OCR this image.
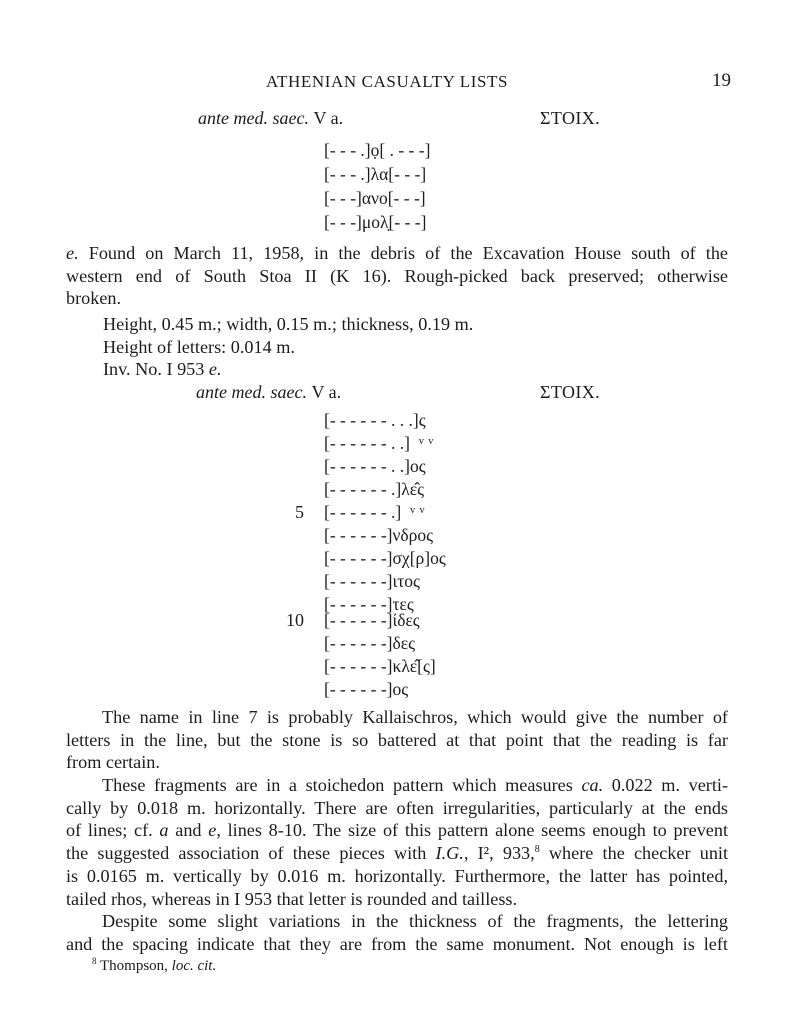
ATHENIAN CASUALTY LISTS	19
ante med. saec. V a.	ΣΤΟΙΧ.
[- - - .]ọ[ . - - -]
[- - - .]λα[- - -]
[- - -]ανο[- - -]
[- - -]μολ̣[- - -]
e. Found on March 11, 1958, in the debris of the Excavation House south of the
western end of South Stoa II (K 16). Rough-picked back preserved; otherwise
broken.
Height, 0.45 m.; width, 0.15 m.; thickness, 0.19 m.
Height of letters: 0.014 m.
Inv. No. I 953 e.
ante med. saec. V a.	ΣΤΟΙΧ.
[- - - - - - . . .]ς
[- - - - - - . .]  ᵛ ᵛ
[- - - - - - . .]ος
[- - - - - - .]λε̂ς
5 [- - - - - - .]  ᵛ ᵛ
[- - - - - -]νδρος
[- - - - - -]σχ[ρ]ος
[- - - - - -]ιτος
[- - - - - -]τες
10 [- - - - - -]ίδες
[- - - - - -]δες
[- - - - - -]κλε̂[ς]
[- - - - - -]ος
The name in line 7 is probably Kallaischros, which would give the number of
letters in the line, but the stone is so battered at that point that the reading is far
from certain.
These fragments are in a stoichedon pattern which measures ca. 0.022 m. verti-
cally by 0.018 m. horizontally. There are often irregularities, particularly at the ends
of lines; cf. a and e, lines 8-10. The size of this pattern alone seems enough to prevent
the suggested association of these pieces with I.G., I², 933,$^8$ where the checker unit
is 0.0165 m. vertically by 0.016 m. horizontally. Furthermore, the latter has pointed,
tailed rhos, whereas in I 953 that letter is rounded and tailless.
Despite some slight variations in the thickness of the fragments, the lettering
and the spacing indicate that they are from the same monument. Not enough is left
$^8$ Thompson, loc. cit.
